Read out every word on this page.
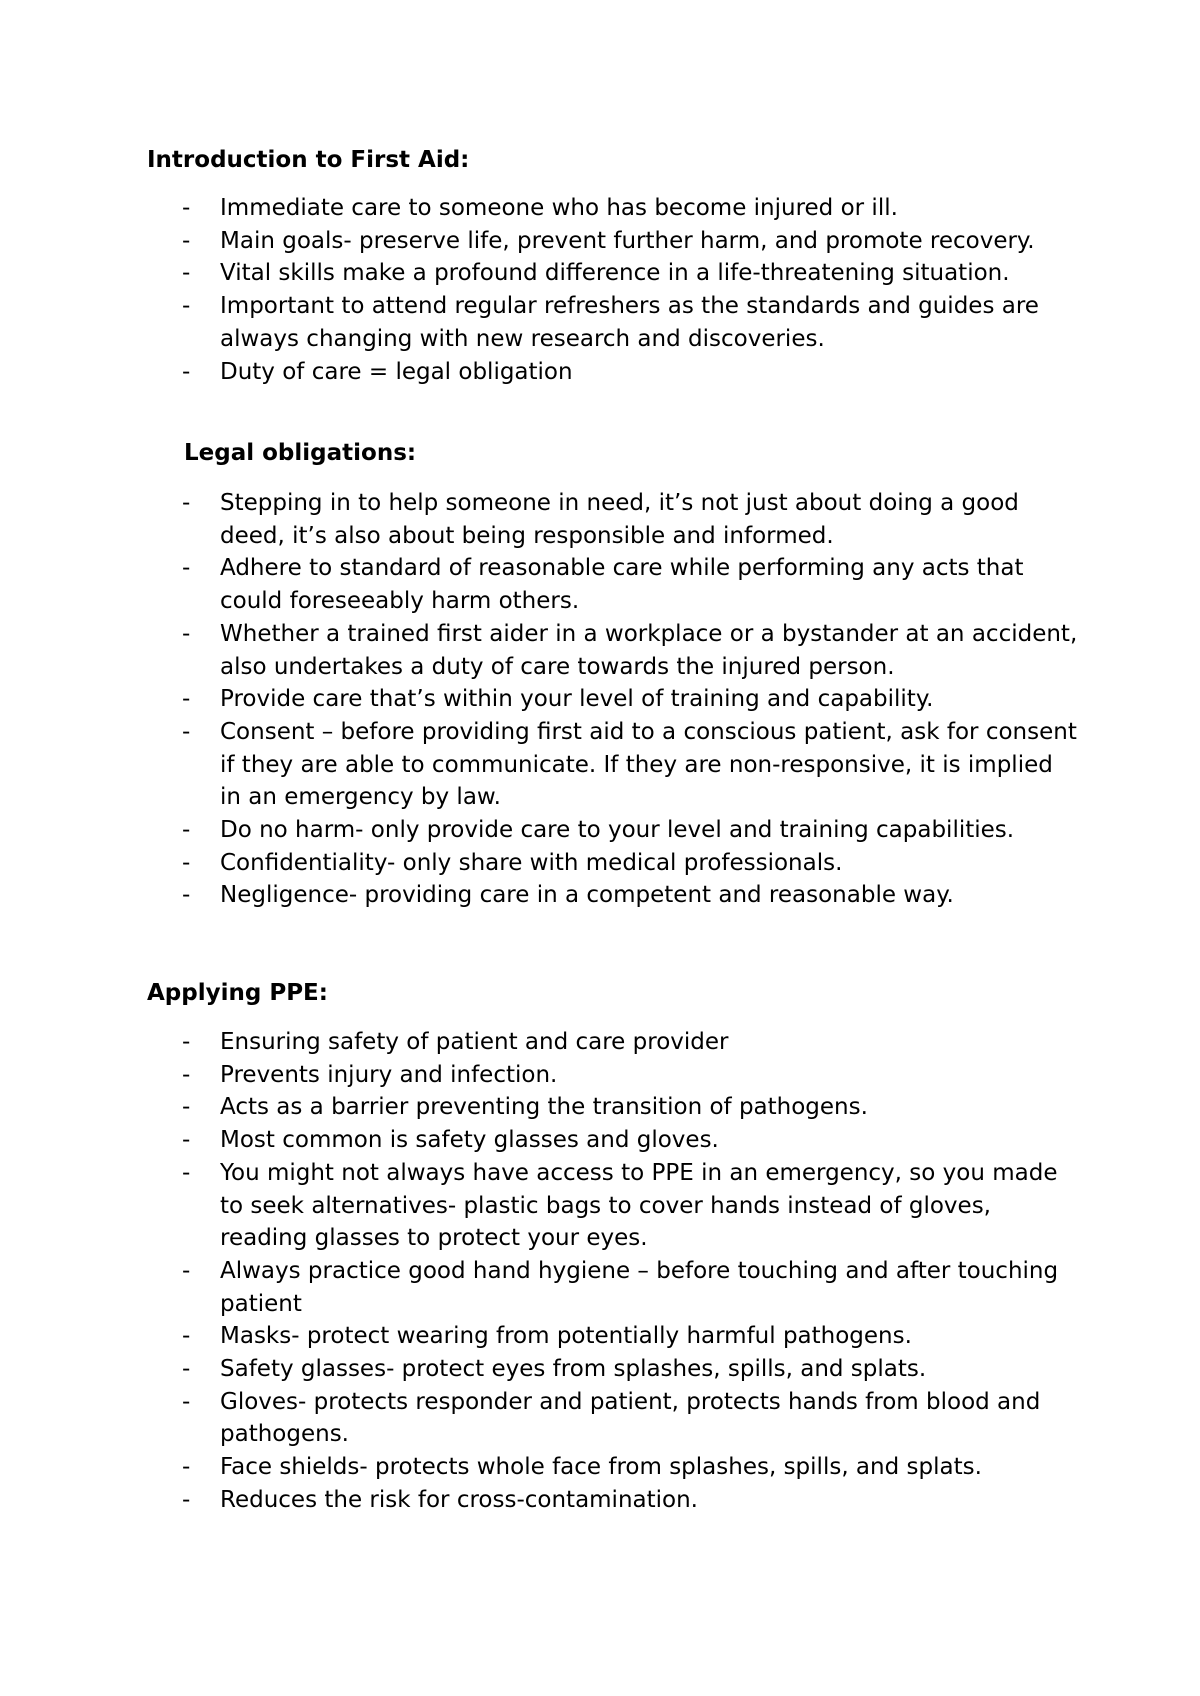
Introduction to First Aid:
- Immediate care to someone who has become injured or ill.
- Main goals- preserve life, prevent further harm, and promote recovery.
- Vital skills make a profound difference in a life-threatening situation.
- Important to attend regular refreshers as the standards and guides are always changing with new research and discoveries.
- Duty of care = legal obligation
Legal obligations:
- Stepping in to help someone in need, it’s not just about doing a good deed, it’s also about being responsible and informed.
- Adhere to standard of reasonable care while performing any acts that could foreseeably harm others.
- Whether a trained first aider in a workplace or a bystander at an accident, also undertakes a duty of care towards the injured person.
- Provide care that’s within your level of training and capability.
- Consent – before providing first aid to a conscious patient, ask for consent if they are able to communicate. If they are non-responsive, it is implied in an emergency by law.
- Do no harm- only provide care to your level and training capabilities.
- Confidentiality- only share with medical professionals.
- Negligence- providing care in a competent and reasonable way.
Applying PPE:
- Ensuring safety of patient and care provider
- Prevents injury and infection.
- Acts as a barrier preventing the transition of pathogens.
- Most common is safety glasses and gloves.
- You might not always have access to PPE in an emergency, so you made to seek alternatives- plastic bags to cover hands instead of gloves, reading glasses to protect your eyes.
- Always practice good hand hygiene – before touching and after touching patient
- Masks- protect wearing from potentially harmful pathogens.
- Safety glasses- protect eyes from splashes, spills, and splats.
- Gloves- protects responder and patient, protects hands from blood and pathogens.
- Face shields- protects whole face from splashes, spills, and splats.
- Reduces the risk for cross-contamination.
